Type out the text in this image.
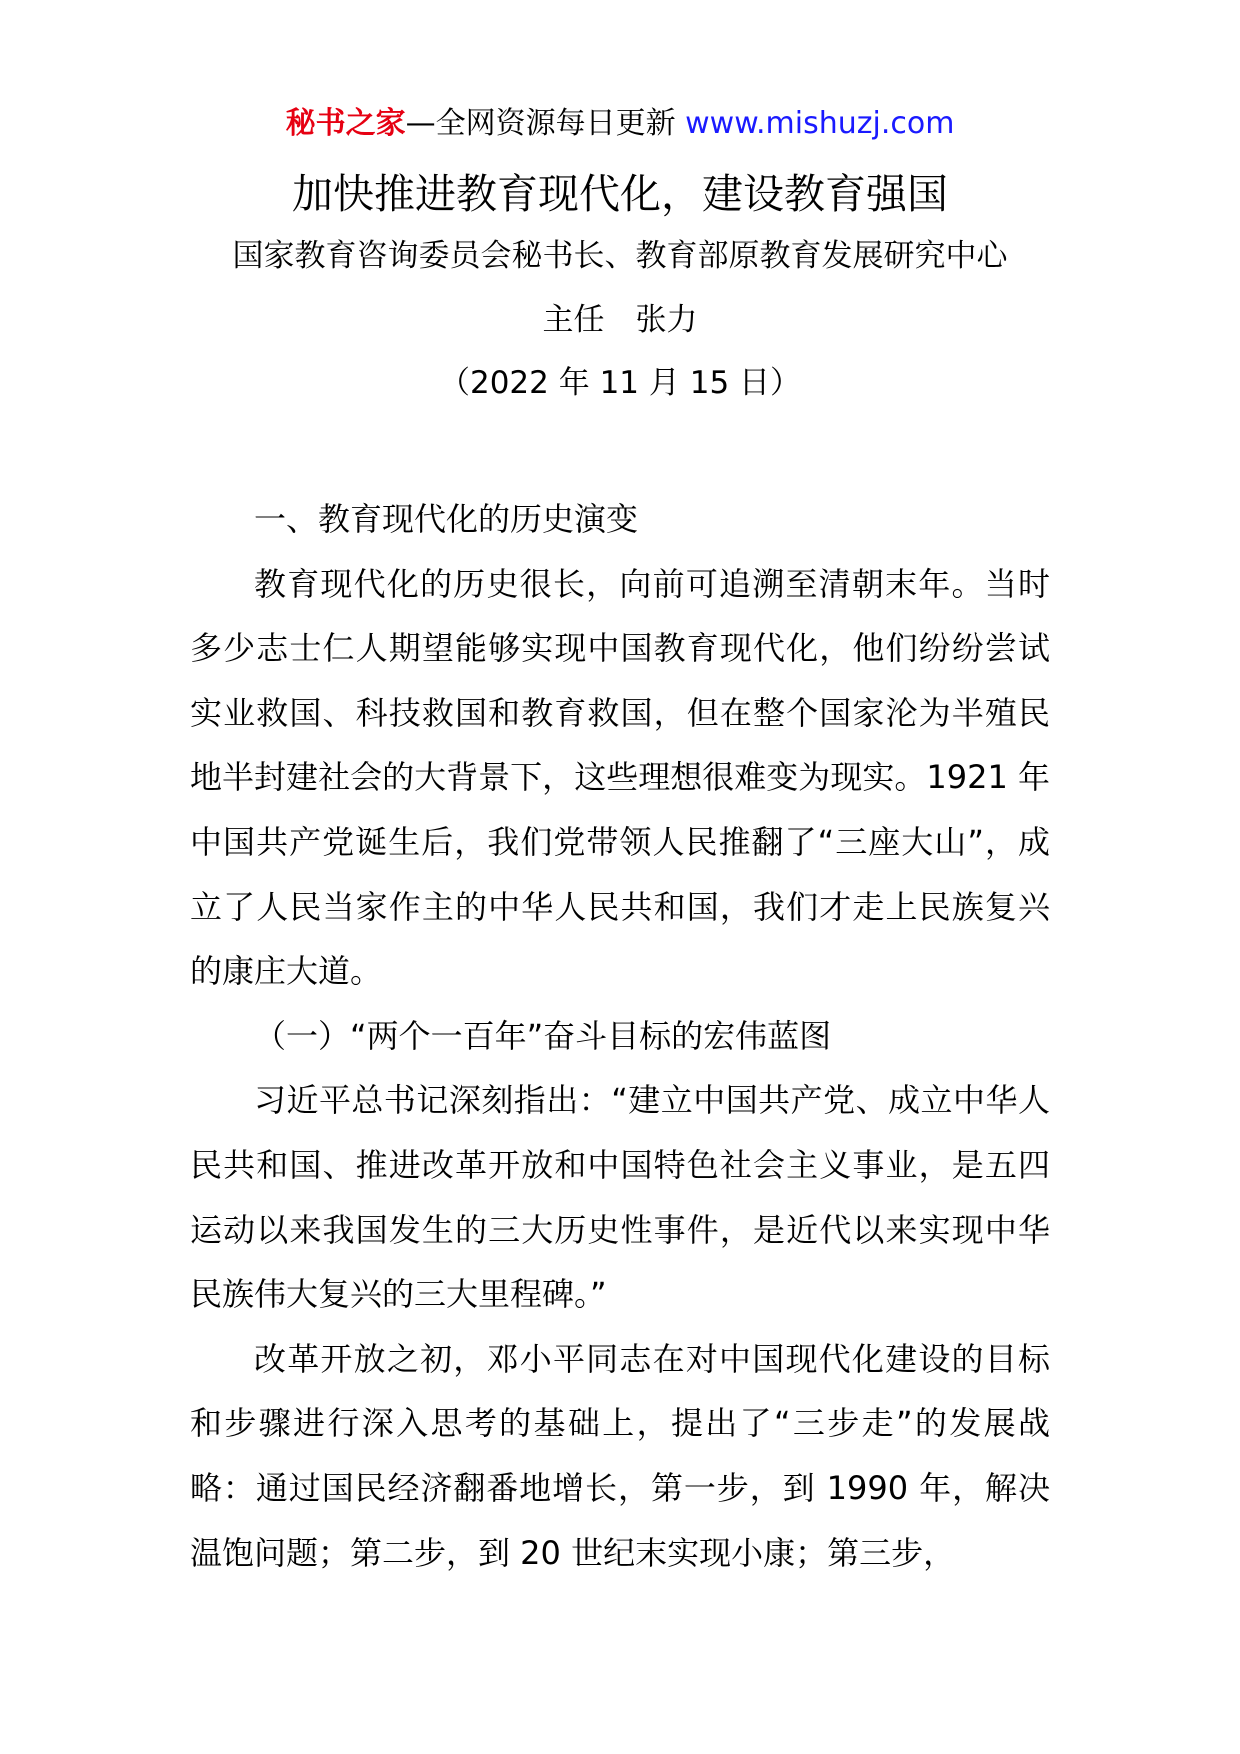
秘书之家—全网资源每日更新 www.mishuzj.com
加快推进教育现代化，建设教育强国
国家教育咨询委员会秘书长、教育部原教育发展研究中心
主任　张力
（2022 年 11 月 15 日）

一、教育现代化的历史演变

教育现代化的历史很长，向前可追溯至清朝末年。当时多少志士仁人期望能够实现中国教育现代化，他们纷纷尝试实业救国、科技救国和教育救国，但在整个国家沦为半殖民地半封建社会的大背景下，这些理想很难变为现实。1921 年中国共产党诞生后，我们党带领人民推翻了“三座大山”，成立了人民当家作主的中华人民共和国，我们才走上民族复兴的康庄大道。

（一）“两个一百年”奋斗目标的宏伟蓝图

习近平总书记深刻指出：“建立中国共产党、成立中华人民共和国、推进改革开放和中国特色社会主义事业，是五四运动以来我国发生的三大历史性事件，是近代以来实现中华民族伟大复兴的三大里程碑。”

改革开放之初，邓小平同志在对中国现代化建设的目标和步骤进行深入思考的基础上，提出了“三步走”的发展战略：通过国民经济翻番地增长，第一步，到 1990 年，解决温饱问题；第二步，到 20 世纪末实现小康；第三步，
